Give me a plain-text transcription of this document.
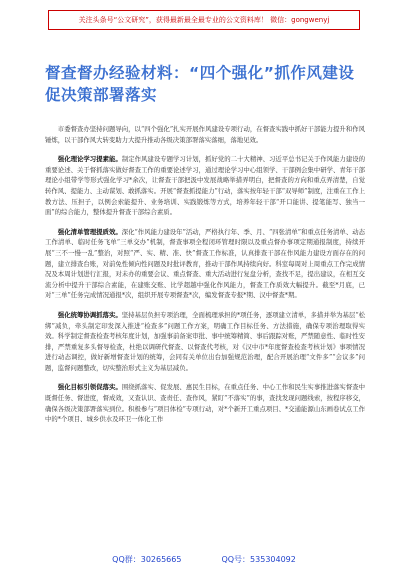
关注头条号“公文研究”，获得最新最全最专业的公文资料库！ 微信：gongwenyj
督查督办经验材料：“四个强化”抓作风建设促决策部署落实

市委督查办坚持问题导向，以“四个强化”扎实开展作风建设专项行动，在督查实践中抓好干部能力提升和作风锤炼，以干部作风大转变助力大提升推动各级决策部署落实落细，落地见效。

强化理论学习提素能。制定作风建设专题学习计划，抓好党的二十大精神、习近平总书记关于作风能力建设的重要论述、关于督抓落实做好督查工作的重要论述学习，通过理论学习中心组领学、干部例会集中研学、青年干部理论小组带学等形式强化学习*余次，让督查干部把汲中发展战略举措弄明白，把督查的方向和重点弄清楚，自觉转作风、提能力、主动谋划、敢抓落实。开展“督查抓提能力”行动，落实按年轻干部“双导师”制度，注重在工作上教方法、压担子，以例会索能提升、业务培训、实践锻炼等方式，培养年轻干部“开口能讲、提笔能写、独当一面”的综合能力，整体提升督查干部综合素质。

强化清单管理提质效。深化“作风能力建设年”活动，严格执行年、季、月、“四张清单”和重点任务清单、动态工作清单、临时任务飞单“三单交办”机制，督查事项全程闭环管理时限以及重点督办事项定期通报制度，持续开展“三不一慢一乱”整治，对照“严、实、精、准、快”督查工作标准，认真排查干部在作风能力建设方面存在的问题，建立排查台账，对前免性倾向性问题及时批评教育，推动干部作风持续向好。科室每周对上周重点工作完成情况及本周计划进行汇报，对未办的重要会议、重点督查、重大活动进行复盘分析，查找不足，提出建议，在相互交流分析中提升干部综合素能，在建账交账、比学超越中强化作风能力，督查工作质效大幅提升。截至*月底，已对“三单”任务完成情况通报*次，组织开展专项督查*次，编发督查专报*期、汉中督查*期。

强化统筹协调抓落实。坚持基层负担专项治理，全面梳理承担的*项任务，逐项建立清单，多措并举为基层“松绑”减负，牵头制定印发深入推进“检查多”问题工作方案，明确工作目标任务、方法措施，确保专项治理取得实效。科学制定督查检查考核年度计划，加强事前备案审批、事中统筹精简、事后跟踪对账，严禁随意性、临时性安排，严禁重复多头督导检查，杜绝以调研代督查、以督查代考核，对《汉中市*年度督查检查考核计划》事项情况进行动态调控，做好新增督查计划的统筹，会同有关单位出台加强规范治理，配合开展治理“文件多”“会议多”问题，监督问题整改，切实整治形式主义为基层减负。

强化目标引领促落实。围绕抓落实、促发展、惠民生目标，在重点任务、中心工作和民生实事推进落实督查中既督任务、督进度，督成效，又查认识、查责任、查作风，紧盯“不落实”的事，查找发现问题线索，按程序移交，确保各级决策部署落实到位。积极参与“项目体检”专项行动，对*个新开工重点项目、*交通能源山东画卷试点工作中的*个项目、城乡供水及环卫一体化工作

QQ群：30265665	QQ号：535304092
